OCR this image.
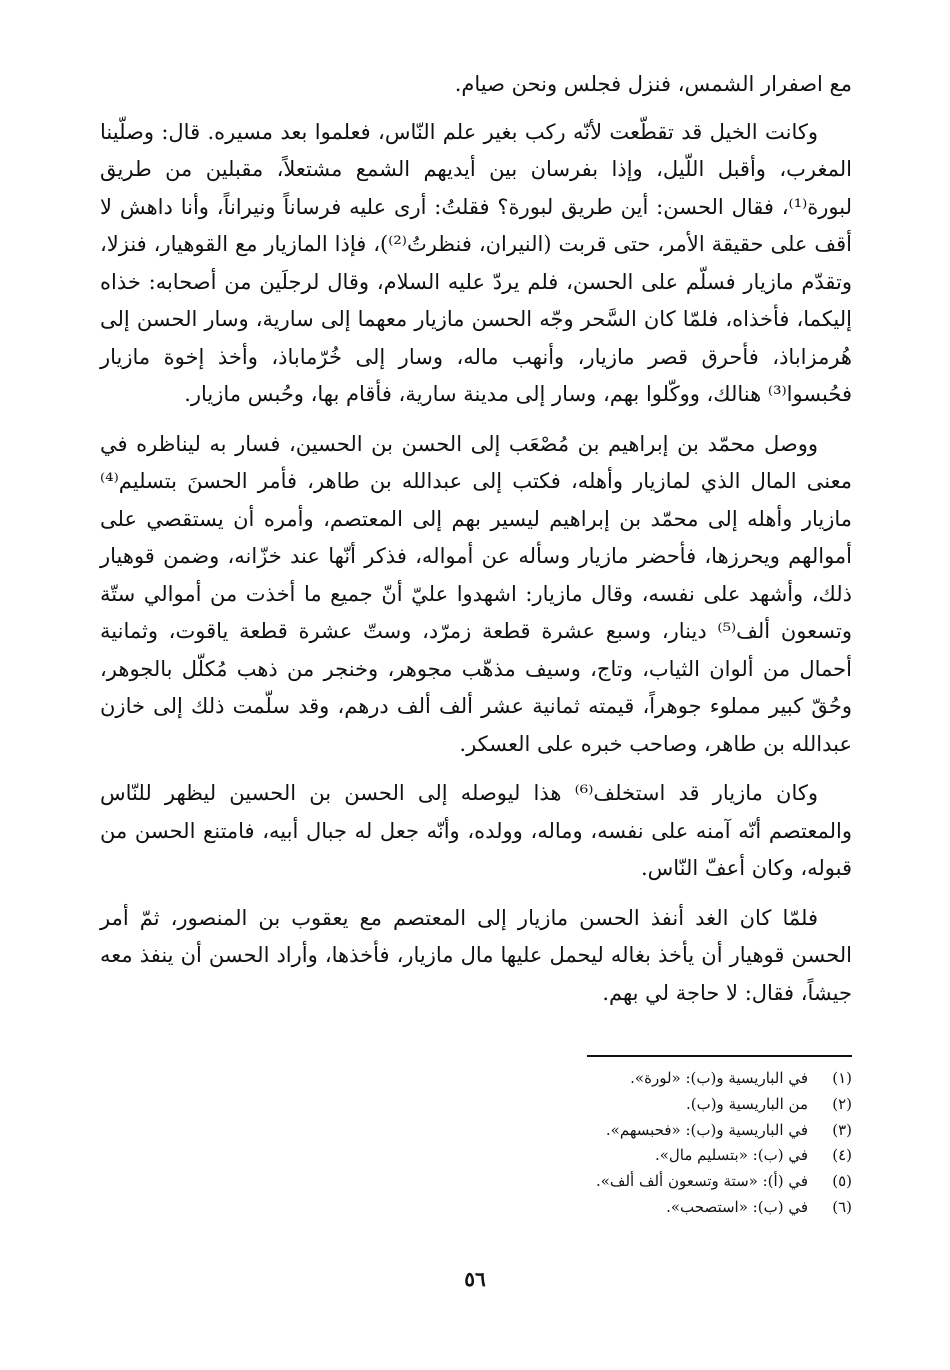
مع اصفرار الشمس، فنزل فجلس ونحن صيام.

وكانت الخيل قد تقطّعت لأنّه ركب بغير علم النّاس، فعلموا بعد مسيره. قال: وصلّينا المغرب، وأقبل اللّيل، وإذا بفرسان بين أيديهم الشمع مشتعلاً، مقبلين من طريق لبورة⁽¹⁾، فقال الحسن: أين طريق لبورة؟ فقلتُ: أرى عليه فرساناً ونيراناً، وأنا داهش لا أقف على حقيقة الأمر، حتى قربت (النيران، فنظرتُ⁽²⁾)، فإذا المازيار مع القوهيار، فنزلا، وتقدّم مازيار فسلّم على الحسن، فلم يردّ عليه السلام، وقال لرجلَين من أصحابه: خذاه إليكما، فأخذاه، فلمّا كان السَّحر وجّه الحسن مازيار معهما إلى سارية، وسار الحسن إلى هُرمزاباذ، فأحرق قصر مازيار، وأنهب ماله، وسار إلى خُرّماباذ، وأخذ إخوة مازيار فحُبسوا⁽³⁾ هنالك، ووكّلوا بهم، وسار إلى مدينة سارية، فأقام بها، وحُبس مازيار.

ووصل محمّد بن إبراهيم بن مُصْعَب إلى الحسن بن الحسين، فسار به ليناظره في معنى المال الذي لمازيار وأهله، فكتب إلى عبدالله بن طاهر، فأمر الحسنَ بتسليم⁽⁴⁾ مازيار وأهله إلى محمّد بن إبراهيم ليسير بهم إلى المعتصم، وأمره أن يستقصي على أموالهم ويحرزها، فأحضر مازيار وسأله عن أمواله، فذكر أنّها عند خزّانه، وضمن قوهيار ذلك، وأشهد على نفسه، وقال مازيار: اشهدوا عليّ أنّ جميع ما أخذت من أموالي ستّة وتسعون ألف⁽⁵⁾ دينار، وسبع عشرة قطعة زمرّد، وستّ عشرة قطعة ياقوت، وثمانية أحمال من ألوان الثياب، وتاج، وسيف مذهّب مجوهر، وخنجر من ذهب مُكلّل بالجوهر، وحُقّ كبير مملوء جوهراً، قيمته ثمانية عشر ألف ألف درهم، وقد سلّمت ذلك إلى خازن عبدالله بن طاهر، وصاحب خبره على العسكر.

وكان مازيار قد استخلف⁽⁶⁾ هذا ليوصله إلى الحسن بن الحسين ليظهر للنّاس والمعتصم أنّه آمنه على نفسه، وماله، وولده، وأنّه جعل له جبال أبيه، فامتنع الحسن من قبوله، وكان أعفّ النّاس.

فلمّا كان الغد أنفذ الحسن مازيار إلى المعتصم مع يعقوب بن المنصور، ثمّ أمر الحسن قوهيار أن يأخذ بغاله ليحمل عليها مال مازيار، فأخذها، وأراد الحسن أن ينفذ معه جيشاً، فقال: لا حاجة لي بهم.

(١)
في الباريسية و(ب): «لورة».
(٢)
من الباريسية و(ب).
(٣)
في الباريسية و(ب): «فحبسهم».
(٤)
في (ب): «بتسليم مال».
(٥)
في (أ): «ستة وتسعون ألف ألف».
(٦)
في (ب): «استصحب».
٥٦
